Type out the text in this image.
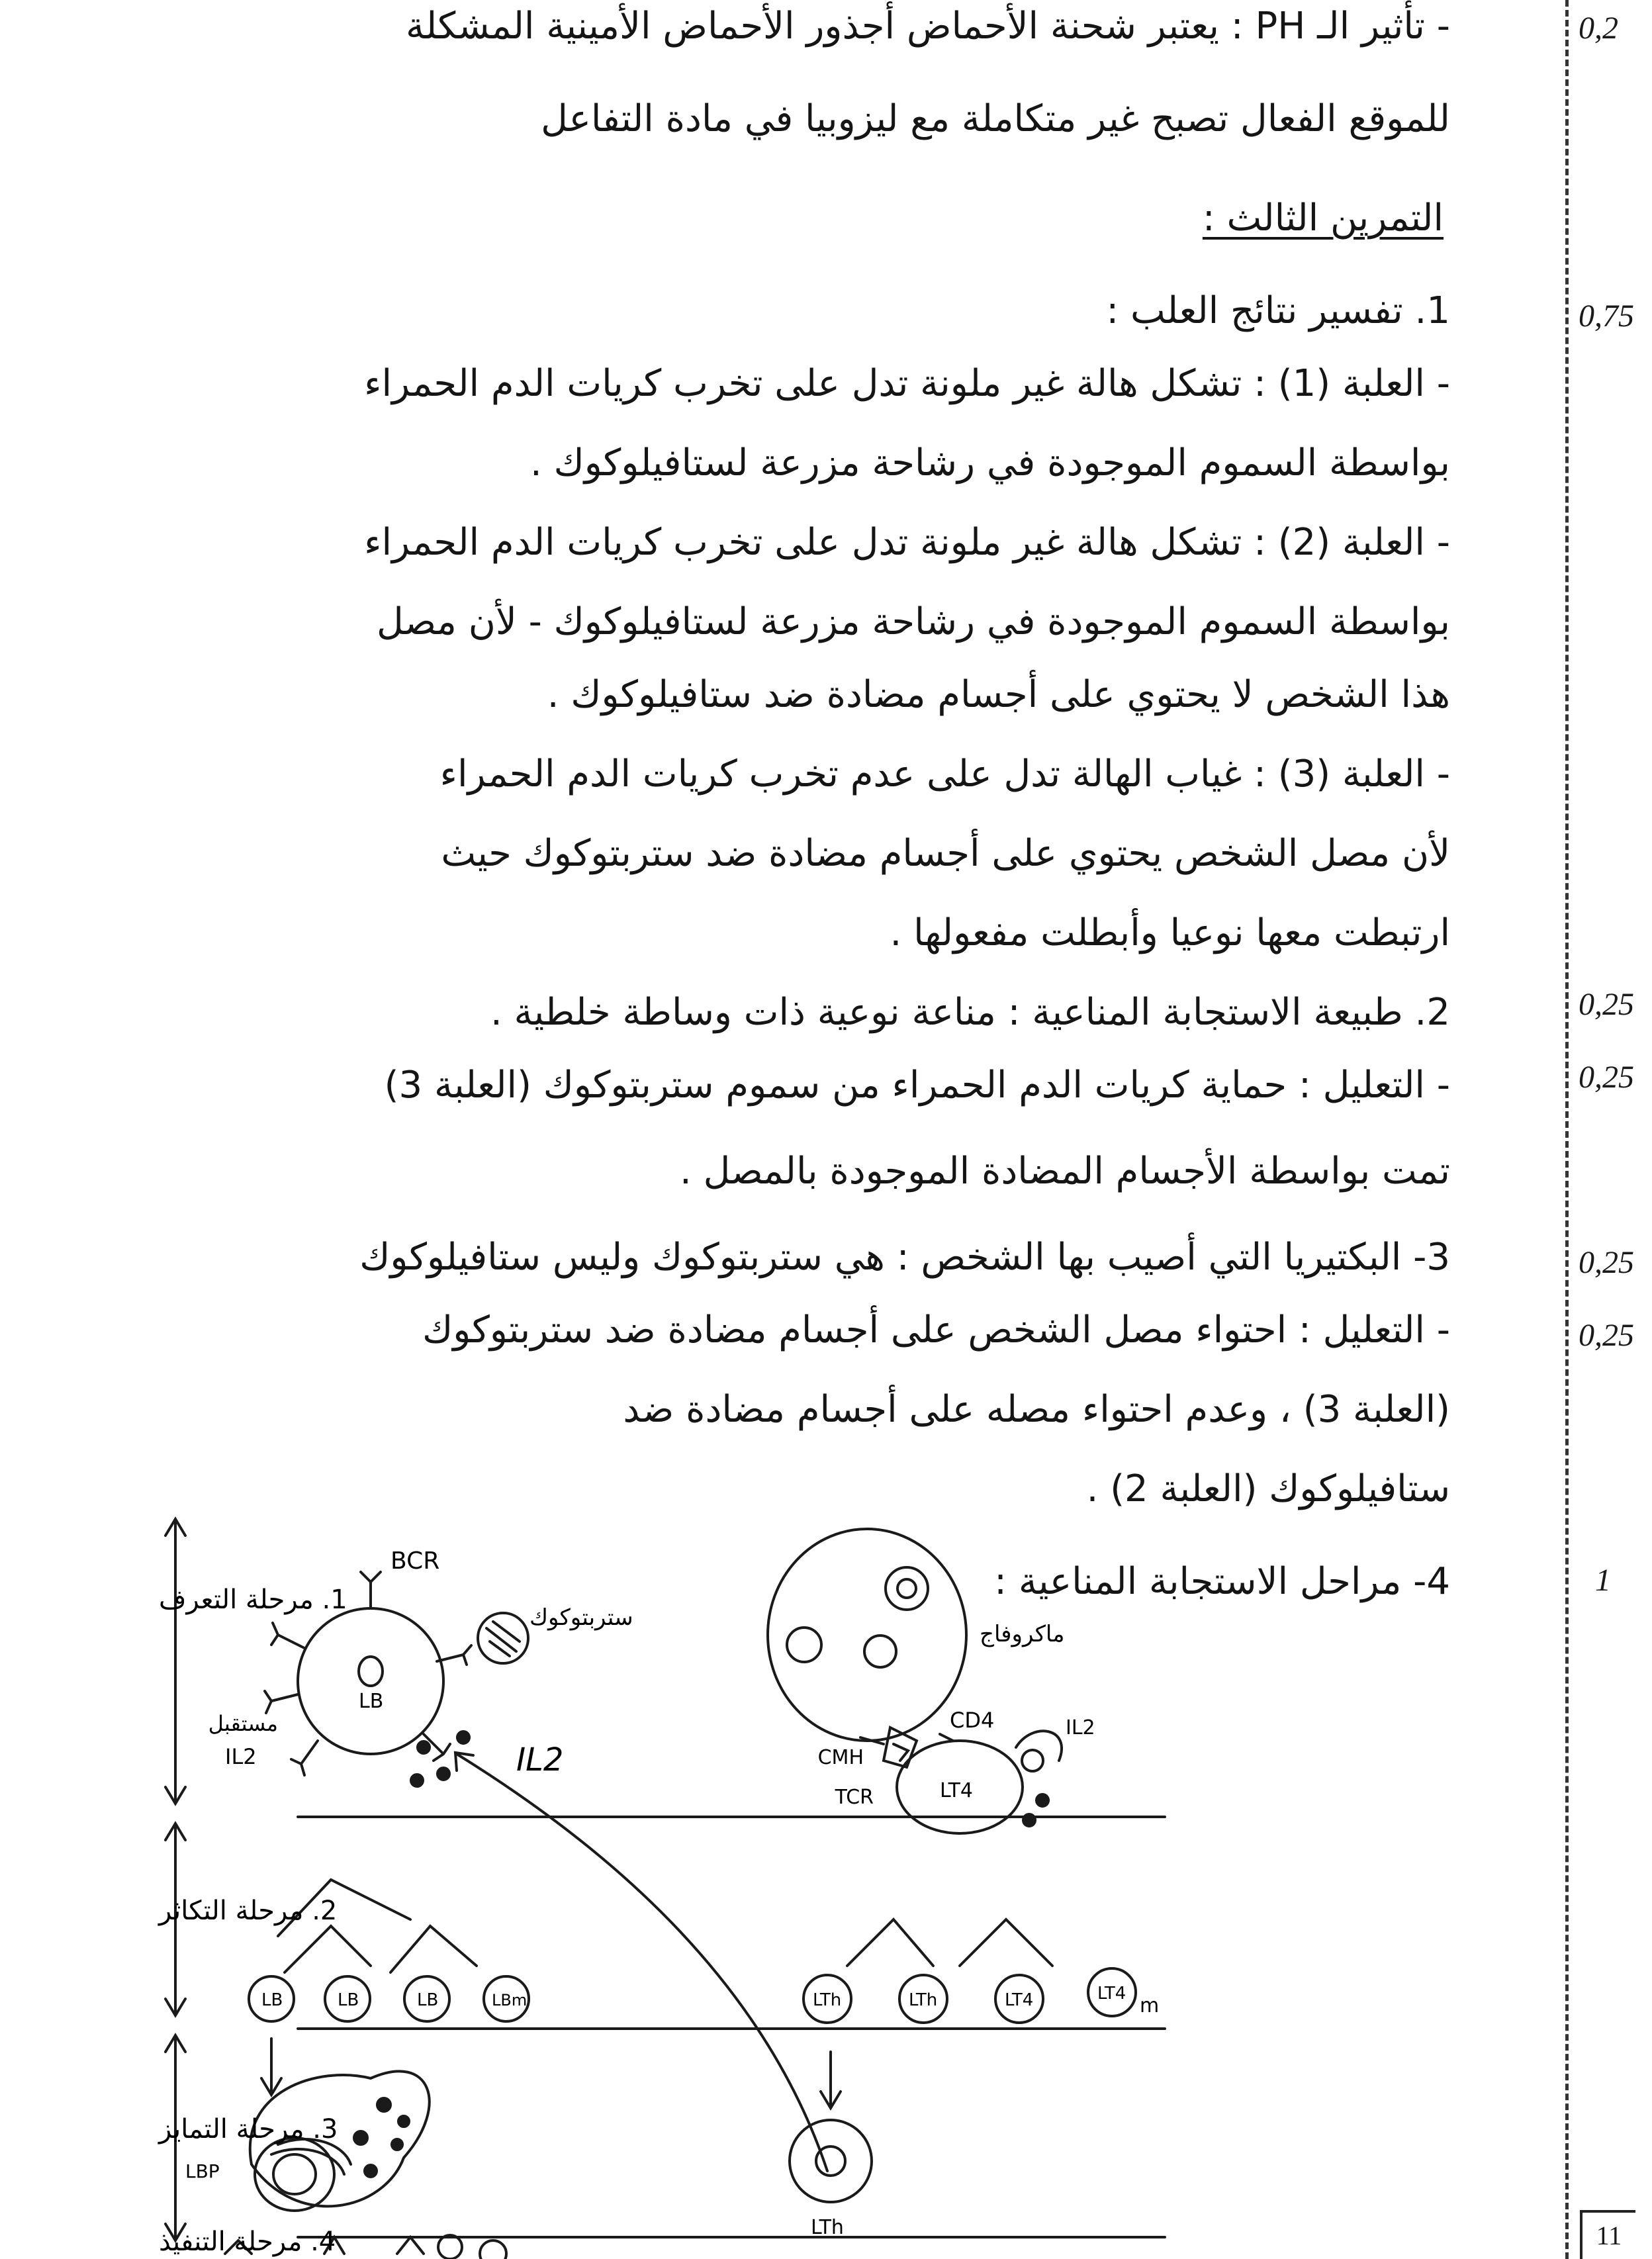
- تأثير الـ PH : يعتبر شحنة الأحماض أجذور الأحماض الأمينية المشكلة
للموقع الفعال تصبح غير متكاملة مع ليزوبيا في مادة التفاعل
التمرين الثالث :
1. تفسير نتائج العلب :
- العلبة (1) : تشكل هالة غير ملونة تدل على تخرب كريات الدم الحمراء
بواسطة السموم الموجودة في رشاحة مزرعة لستافيلوكوك .
- العلبة (2) : تشكل هالة غير ملونة تدل على تخرب كريات الدم الحمراء
بواسطة السموم الموجودة في رشاحة مزرعة لستافيلوكوك - لأن مصل
هذا الشخص لا يحتوي على أجسام مضادة ضد ستافيلوكوك .
- العلبة (3) : غياب الهالة تدل على عدم تخرب كريات الدم الحمراء
لأن مصل الشخص يحتوي على أجسام مضادة ضد ستربتوكوك حيث
ارتبطت معها نوعيا وأبطلت مفعولها .
2. طبيعة الاستجابة المناعية : مناعة نوعية ذات وساطة خلطية .
- التعليل : حماية كريات الدم الحمراء من سموم ستربتوكوك (العلبة 3)
تمت بواسطة الأجسام المضادة الموجودة بالمصل .
3- البكتيريا التي أصيب بها الشخص : هي ستربتوكوك وليس ستافيلوكوك
- التعليل : احتواء مصل الشخص على أجسام مضادة ضد ستربتوكوك
(العلبة 3) ، وعدم احتواء مصله على أجسام مضادة ضد
ستافيلوكوك (العلبة 2) .
4- مراحل الاستجابة المناعية :
0,2
0,75
0,25
0,25
0,25
0,25
1
1. مرحلة التعرف
2. مرحلة التكاثر
3. مرحلة التمايز
4. مرحلة التنفيذ
BCR
ستربتوكوك
مستقبل
IL2
LB
IL2
ماكروفاج
CD4
CMH
TCR	LT4
IL2
LB	LB	LB	LBm	LTh	LTh	LT4	LT4
m
LBP
LTh	11
